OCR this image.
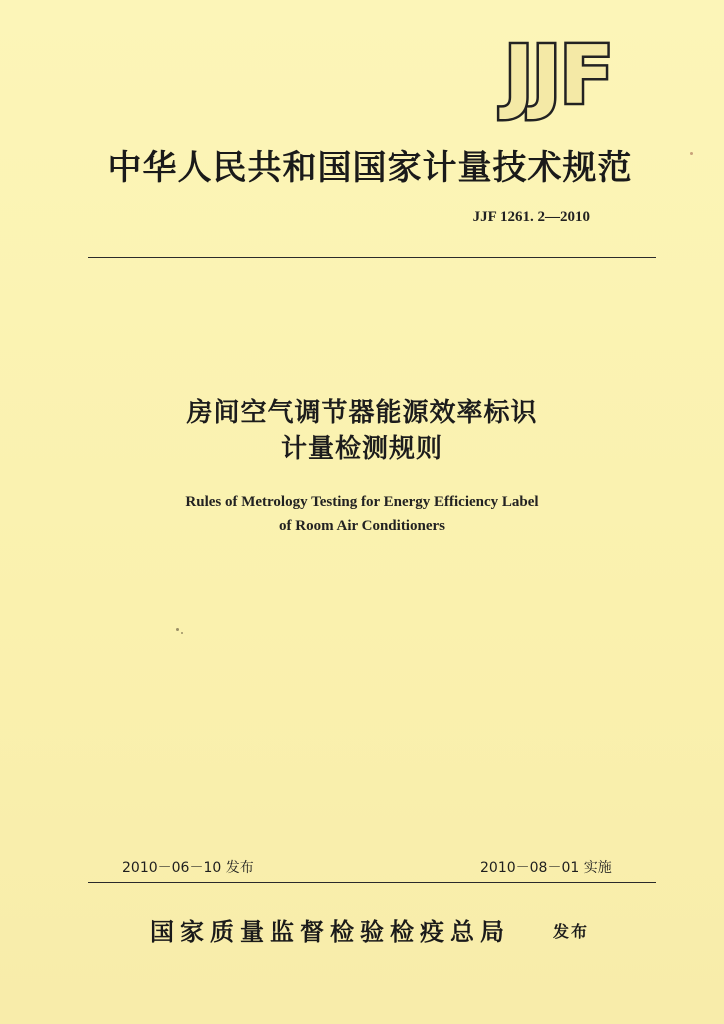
JJF
中华人民共和国国家计量技术规范
JJF 1261. 2—2010
房间空气调节器能源效率标识
计量检测规则
Rules of Metrology Testing for Energy Efficiency Label
of Room Air Conditioners
2010－06－10 发布	2010－08－01 实施
国家质量监督检验检疫总局	发布
